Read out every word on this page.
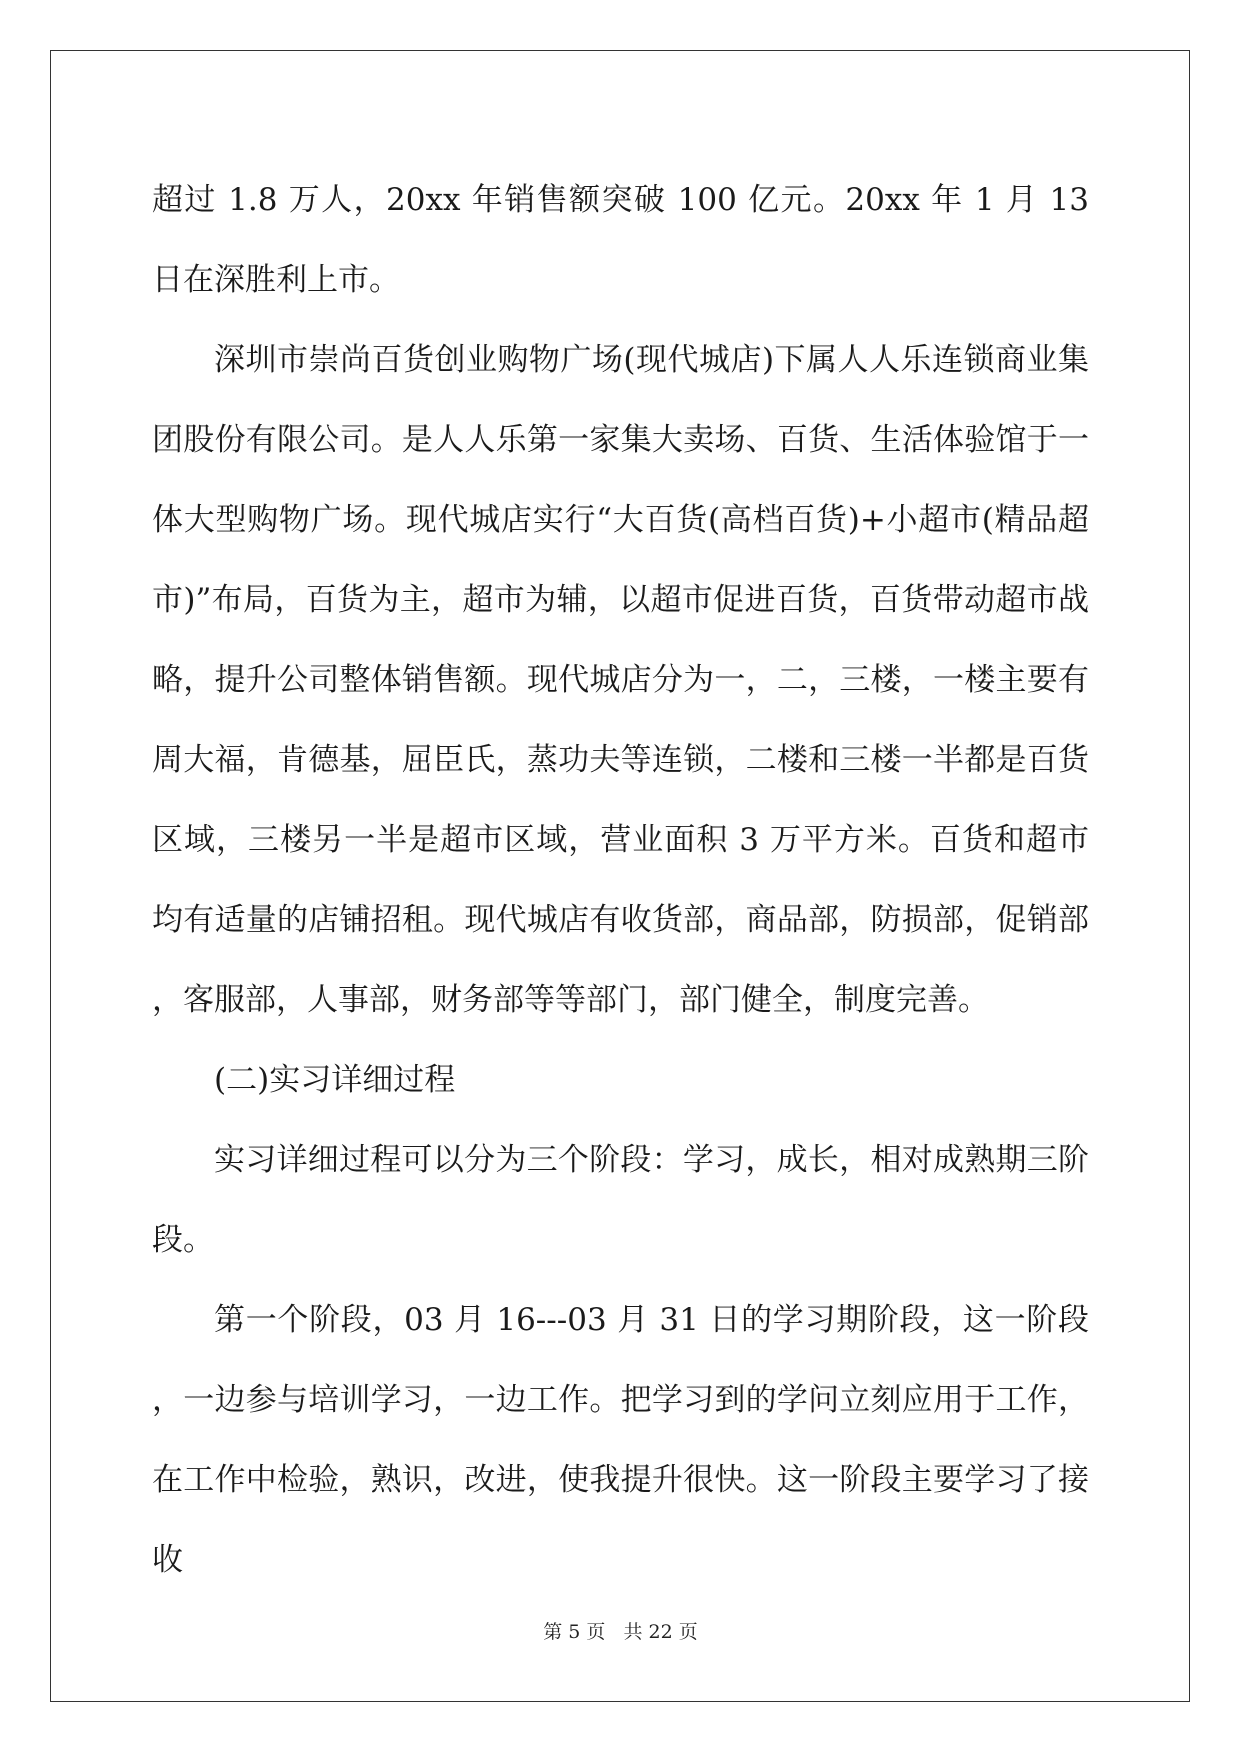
超过 1.8 万人，20xx 年销售额突破 100 亿元。20xx 年 1 月 13 日在深胜利上市。

深圳市崇尚百货创业购物广场(现代城店)下属人人乐连锁商业集团股份有限公司。是人人乐第一家集大卖场、百货、生活体验馆于一体大型购物广场。现代城店实行“大百货(高档百货)+小超市(精品超市)”布局，百货为主，超市为辅，以超市促进百货，百货带动超市战略，提升公司整体销售额。现代城店分为一，二，三楼，一楼主要有周大福，肯德基，屈臣氏，蒸功夫等连锁，二楼和三楼一半都是百货区域，三楼另一半是超市区域，营业面积 3 万平方米。百货和超市均有适量的店铺招租。现代城店有收货部，商品部，防损部，促销部，客服部，人事部，财务部等等部门，部门健全，制度完善。

(二)实习详细过程

实习详细过程可以分为三个阶段：学习，成长，相对成熟期三阶段。

第一个阶段，03 月 16---03 月 31 日的学习期阶段，这一阶段，一边参与培训学习，一边工作。把学习到的学问立刻应用于工作，在工作中检验，熟识，改进，使我提升很快。这一阶段主要学习了接收

第 5 页 共 22 页
